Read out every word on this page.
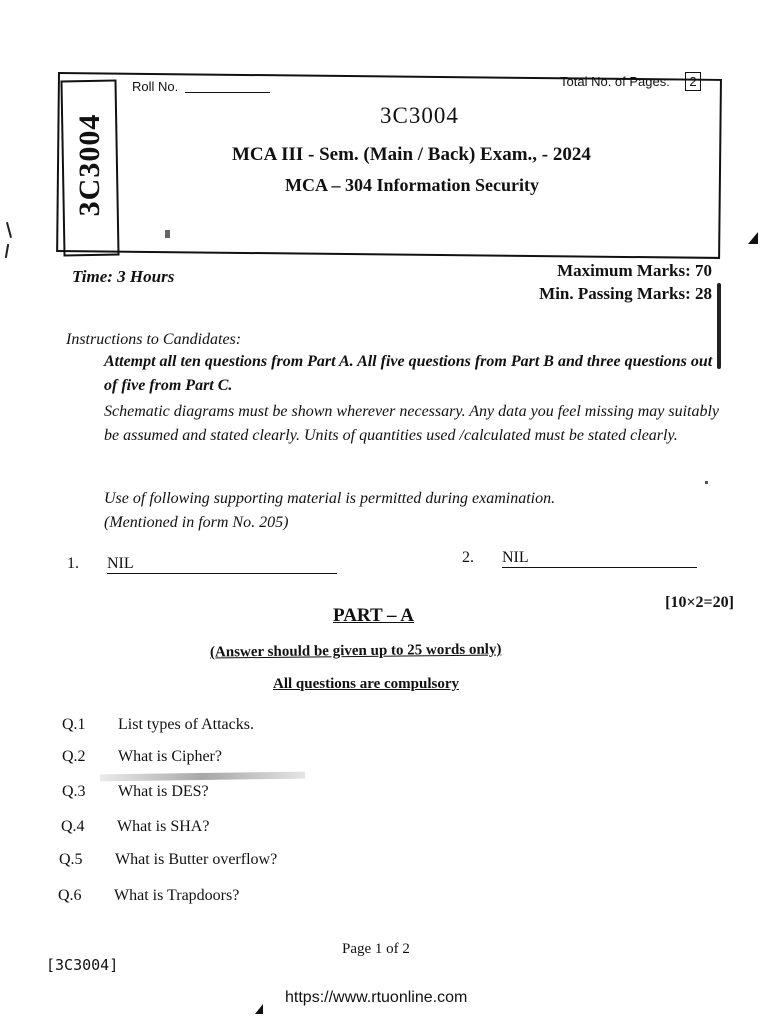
3C3004
Roll No.	Total No. of Pages:	2
3C3004
MCA III - Sem. (Main / Back) Exam., - 2024
MCA – 304 Information Security
Time: 3 Hours	Maximum Marks: 70
Min. Passing Marks: 28
Instructions to Candidates:
Attempt all ten questions from Part A. All five questions from Part B and three questions out of five from Part C.
Schematic diagrams must be shown wherever necessary. Any data you feel missing may suitably be assumed and stated clearly. Units of quantities used /calculated must be stated clearly.
Use of following supporting material is permitted during examination.
(Mentioned in form No. 205)
1. NIL	2. NIL
PART – A
[10×2=20]
(Answer should be given up to 25 words only)
All questions are compulsory
Q.1 List types of Attacks.
Q.2 What is Cipher?
Q.3 What is DES?
Q.4 What is SHA?
Q.5 What is Butter overflow?
Q.6 What is Trapdoors?
[3C3004]
Page 1 of 2
https://www.rtuonline.com
